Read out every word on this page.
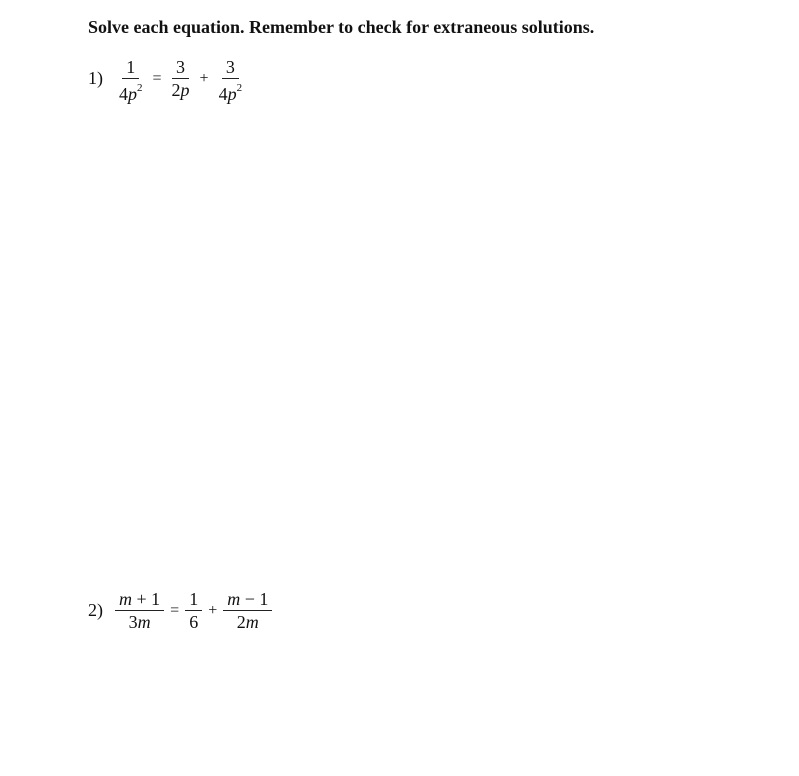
Solve each equation. Remember to check for extraneous solutions.
$1) \frac{1}{4p^2} = \frac{3}{2p} + \frac{3}{4p^2}$
$2) \frac{m + 1}{3m} = \frac{1}{6} + \frac{m - 1}{2m}$
